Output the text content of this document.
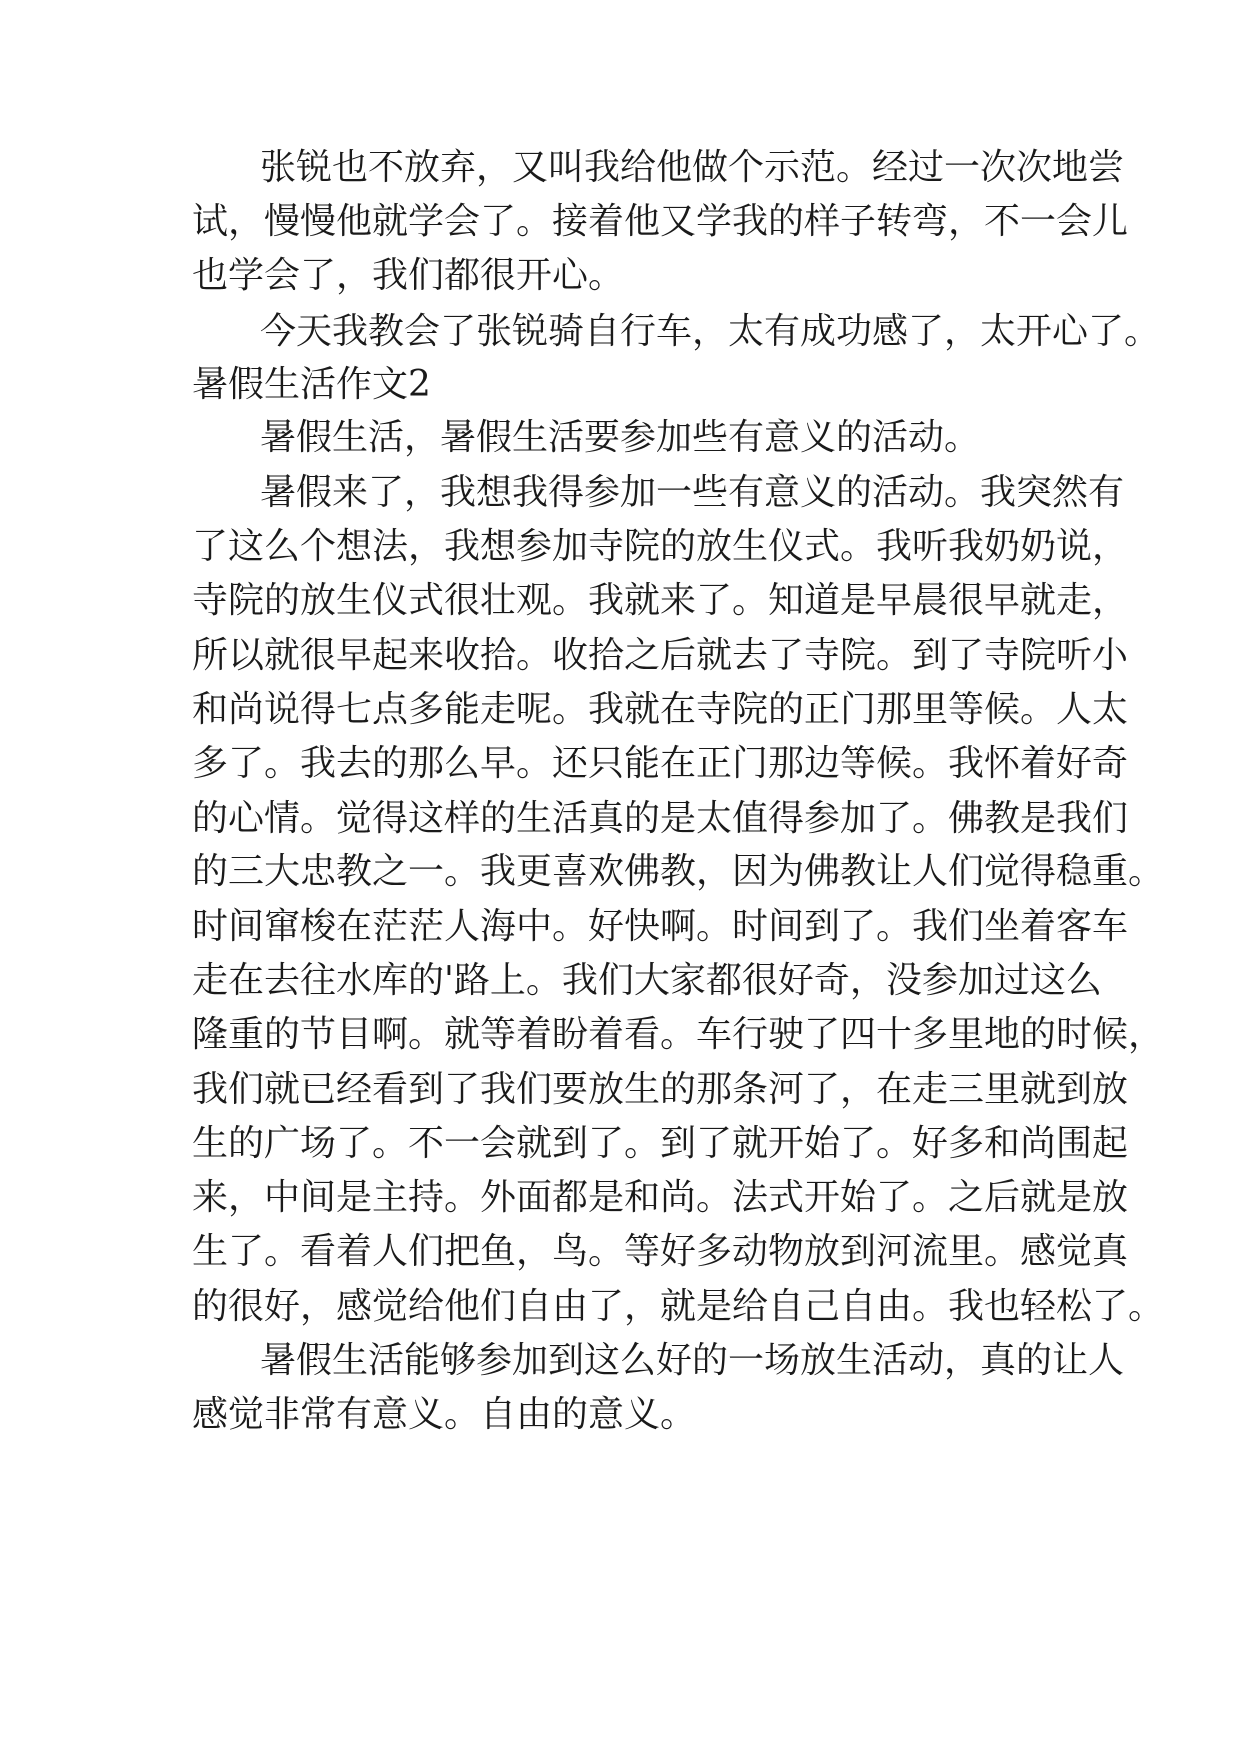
张锐也不放弃，又叫我给他做个示范。经过一次次地尝
试，慢慢他就学会了。接着他又学我的样子转弯，不一会儿
也学会了，我们都很开心。
今天我教会了张锐骑自行车，太有成功感了，太开心了。
暑假生活作文2
暑假生活，暑假生活要参加些有意义的活动。
暑假来了，我想我得参加一些有意义的活动。我突然有
了这么个想法，我想参加寺院的放生仪式。我听我奶奶说，
寺院的放生仪式很壮观。我就来了。知道是早晨很早就走，
所以就很早起来收拾。收拾之后就去了寺院。到了寺院听小
和尚说得七点多能走呢。我就在寺院的正门那里等候。人太
多了。我去的那么早。还只能在正门那边等候。我怀着好奇
的心情。觉得这样的生活真的是太值得参加了。佛教是我们
的三大忠教之一。我更喜欢佛教，因为佛教让人们觉得稳重。
时间窜梭在茫茫人海中。好快啊。时间到了。我们坐着客车
走在去往水库的'路上。我们大家都很好奇，没参加过这么
隆重的节目啊。就等着盼着看。车行驶了四十多里地的时候，
我们就已经看到了我们要放生的那条河了，在走三里就到放
生的广场了。不一会就到了。到了就开始了。好多和尚围起
来，中间是主持。外面都是和尚。法式开始了。之后就是放
生了。看着人们把鱼，鸟。等好多动物放到河流里。感觉真
的很好，感觉给他们自由了，就是给自己自由。我也轻松了。
暑假生活能够参加到这么好的一场放生活动，真的让人
感觉非常有意义。自由的意义。
